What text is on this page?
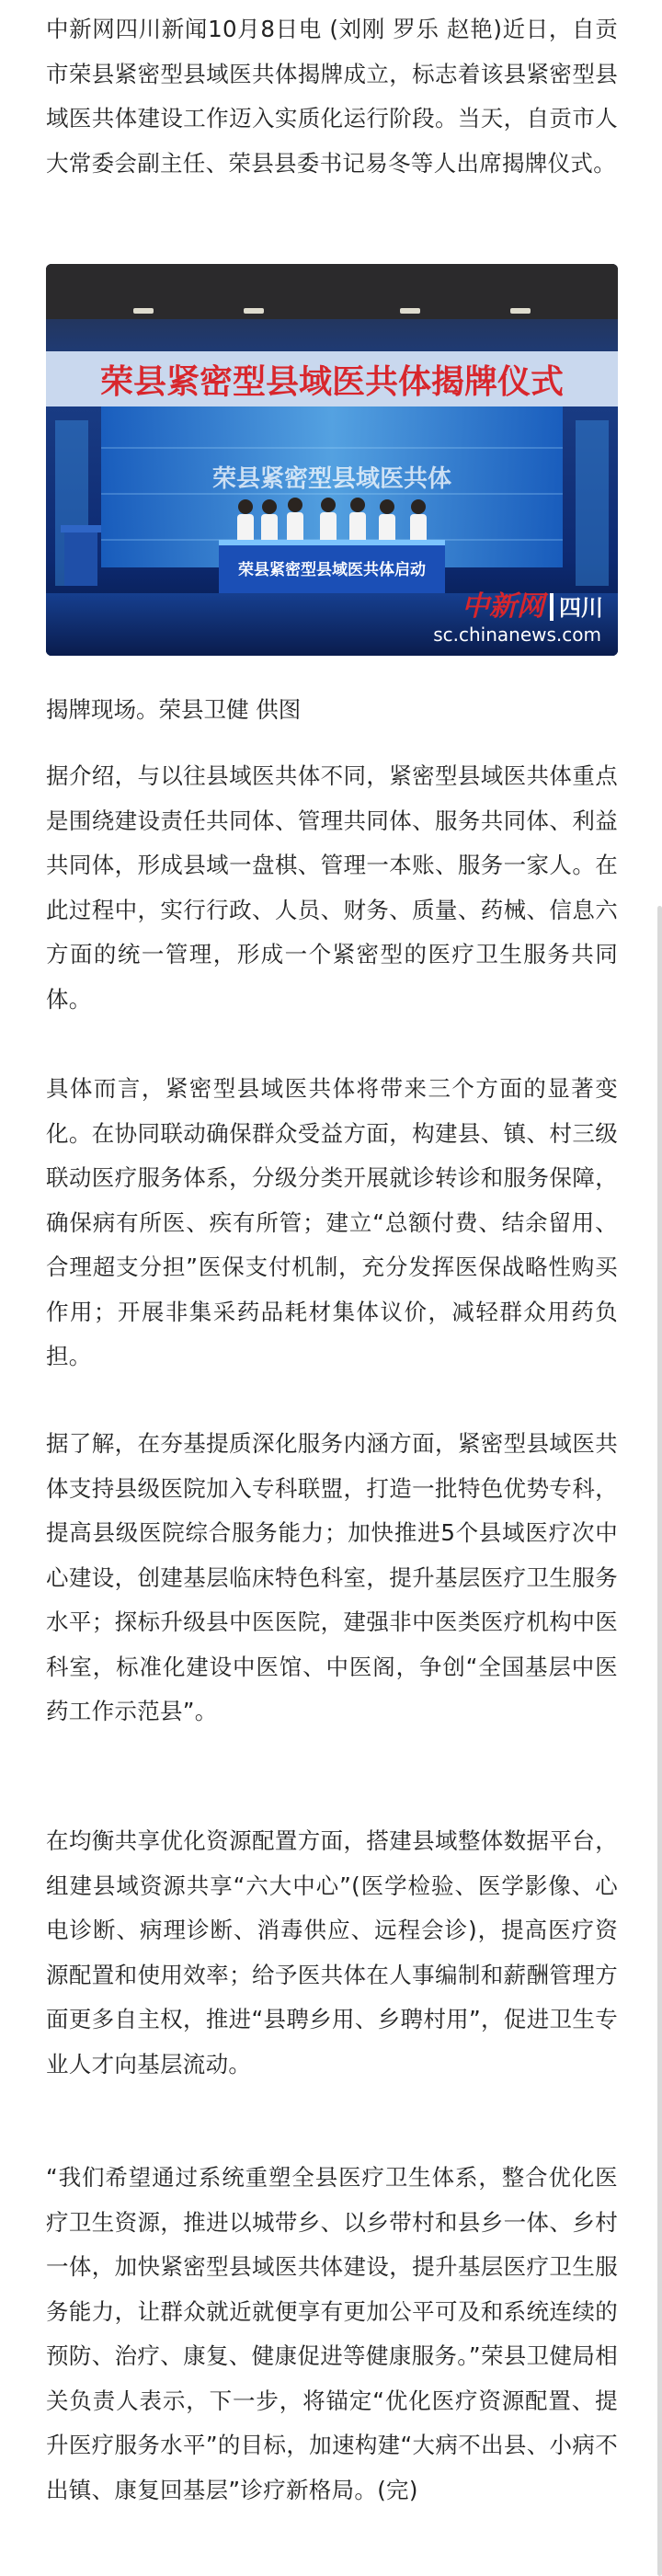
中新网四川新闻10月8日电 (刘刚 罗乐 赵艳)近日，自贡市荣县紧密型县域医共体揭牌成立，标志着该县紧密型县域医共体建设工作迈入实质化运行阶段。当天，自贡市人大常委会副主任、荣县县委书记易冬等人出席揭牌仪式。

荣县紧密型县域医共体揭牌仪式
荣县紧密型县域医共体
荣县紧密型县域医共体启动
中新网 四川
sc.chinanews.com

揭牌现场。荣县卫健 供图

据介绍，与以往县域医共体不同，紧密型县域医共体重点是围绕建设责任共同体、管理共同体、服务共同体、利益共同体，形成县域一盘棋、管理一本账、服务一家人。在此过程中，实行行政、人员、财务、质量、药械、信息六方面的统一管理，形成一个紧密型的医疗卫生服务共同体。

具体而言，紧密型县域医共体将带来三个方面的显著变化。在协同联动确保群众受益方面，构建县、镇、村三级联动医疗服务体系，分级分类开展就诊转诊和服务保障，确保病有所医、疾有所管；建立“总额付费、结余留用、合理超支分担”医保支付机制，充分发挥医保战略性购买作用；开展非集采药品耗材集体议价，减轻群众用药负担。

据了解，在夯基提质深化服务内涵方面，紧密型县域医共体支持县级医院加入专科联盟，打造一批特色优势专科，提高县级医院综合服务能力；加快推进5个县域医疗次中心建设，创建基层临床特色科室，提升基层医疗卫生服务水平；探标升级县中医医院，建强非中医类医疗机构中医科室，标准化建设中医馆、中医阁，争创“全国基层中医药工作示范县”。

在均衡共享优化资源配置方面，搭建县域整体数据平台，组建县域资源共享“六大中心”(医学检验、医学影像、心电诊断、病理诊断、消毒供应、远程会诊)，提高医疗资源配置和使用效率；给予医共体在人事编制和薪酬管理方面更多自主权，推进“县聘乡用、乡聘村用”，促进卫生专业人才向基层流动。

“我们希望通过系统重塑全县医疗卫生体系，整合优化医疗卫生资源，推进以城带乡、以乡带村和县乡一体、乡村一体，加快紧密型县域医共体建设，提升基层医疗卫生服务能力，让群众就近就便享有更加公平可及和系统连续的预防、治疗、康复、健康促进等健康服务。”荣县卫健局相关负责人表示，下一步，将锚定“优化医疗资源配置、提升医疗服务水平”的目标，加速构建“大病不出县、小病不出镇、康复回基层”诊疗新格局。(完)
